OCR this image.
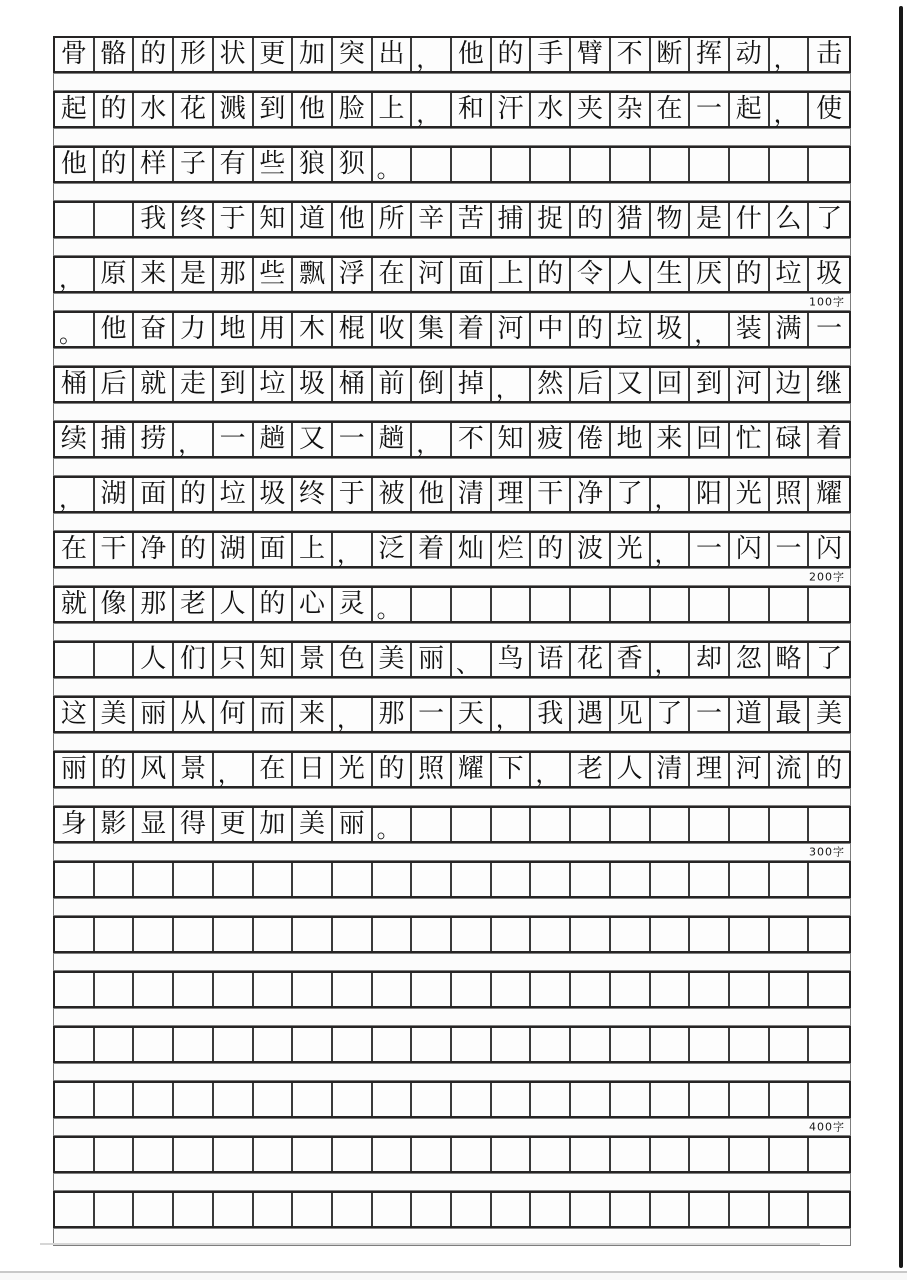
骨 骼 的 形 状 更 加 突 出 ， 他 的 手 臂 不 断 挥 动 ， 击
起 的 水 花 溅 到 他 脸 上 ， 和 汗 水 夹 杂 在 一 起 ， 使
他 的 样 子 有 些 狼 狈 。
我 终 于 知 道 他 所 辛 苦 捕 捉 的 猎 物 是 什 么 了
， 原 来 是 那 些 飘 浮 在 河 面 上 的 令 人 生 厌 的 垃 圾
100字
。 他 奋 力 地 用 木 棍 收 集 着 河 中 的 垃 圾 ， 装 满 一
桶 后 就 走 到 垃 圾 桶 前 倒 掉 ， 然 后 又 回 到 河 边 继
续 捕 捞 ， 一 趟 又 一 趟 ， 不 知 疲 倦 地 来 回 忙 碌 着
， 湖 面 的 垃 圾 终 于 被 他 清 理 干 净 了 ， 阳 光 照 耀
在 干 净 的 湖 面 上 ， 泛 着 灿 烂 的 波 光 ， 一 闪 一 闪
200字
就 像 那 老 人 的 心 灵 。
人 们 只 知 景 色 美 丽 、 鸟 语 花 香 ， 却 忽 略 了
这 美 丽 从 何 而 来 ， 那 一 天 ， 我 遇 见 了 一 道 最 美
丽 的 风 景 ， 在 日 光 的 照 耀 下 ， 老 人 清 理 河 流 的
身 影 显 得 更 加 美 丽 。
300字
400字
